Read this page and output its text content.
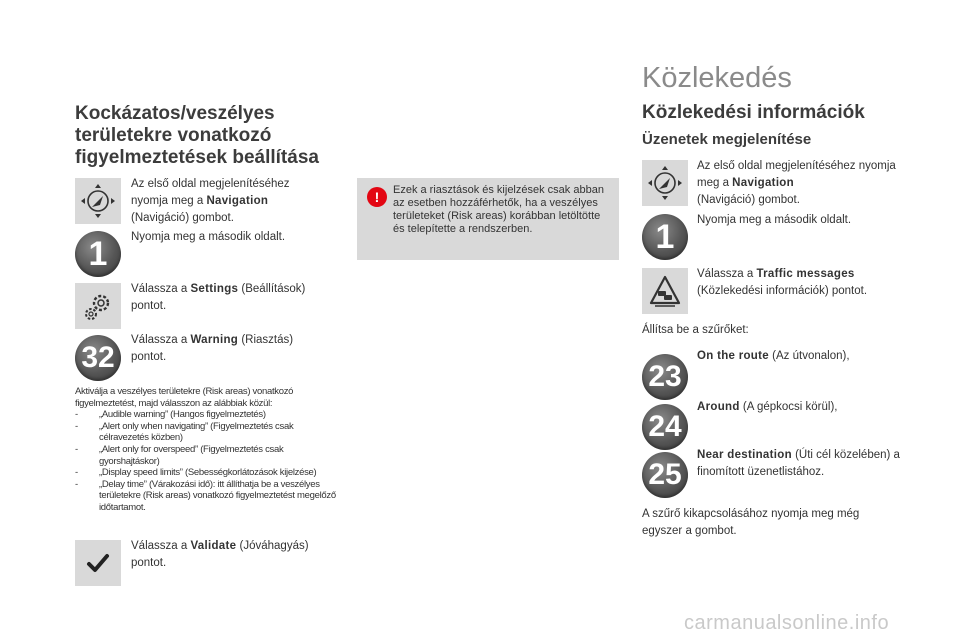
Kockázatos/veszélyes területekre vonatkozó figyelmeztetések beállítása
Az első oldal megjelenítéséhez nyomja meg a Navigation
(Navigáció) gombot.
1	Nyomja meg a második oldalt.
Válassza a Settings (Beállítások) pontot.
32
Válassza a Warning (Riasztás) pontot.
Aktiválja a veszélyes területekre (Risk areas) vonatkozó figyelmeztetést, majd válasszon az alábbiak közül:
-	„Audible warning” (Hangos figyelmeztetés)
-	„Alert only when navigating” (Figyelmeztetés csak célravezetés közben)
-	„Alert only for overspeed” (Figyelmeztetés csak gyorshajtáskor)
-	„Display speed limits” (Sebességkorlátozások kijelzése)
-	„Delay time” (Várakozási idő): itt állíthatja be a veszélyes területekre (Risk areas) vonatkozó figyelmeztetést megelőző időtartamot.
Válassza a Validate (Jóváhagyás) pontot.
!	Ezek a riasztások és kijelzések csak abban az esetben hozzáférhetők, ha a veszélyes területeket (Risk areas) korábban letöltötte és telepítette a rendszerben.
Közlekedés
Közlekedési információk
Üzenetek megjelenítése
Az első oldal megjelenítéséhez nyomja meg a Navigation
(Navigáció) gombot.
1	Nyomja meg a második oldalt.
Válassza a Traffic messages
(Közlekedési információk) pontot.
Állítsa be a szűrőket:
23
On the route (Az útvonalon),
24
Around (A gépkocsi körül),
25
Near destination (Úti cél közelében) a finomított üzenetlistához.
A szűrő kikapcsolásához nyomja meg még egyszer a gombot.
carmanualsonline.info
